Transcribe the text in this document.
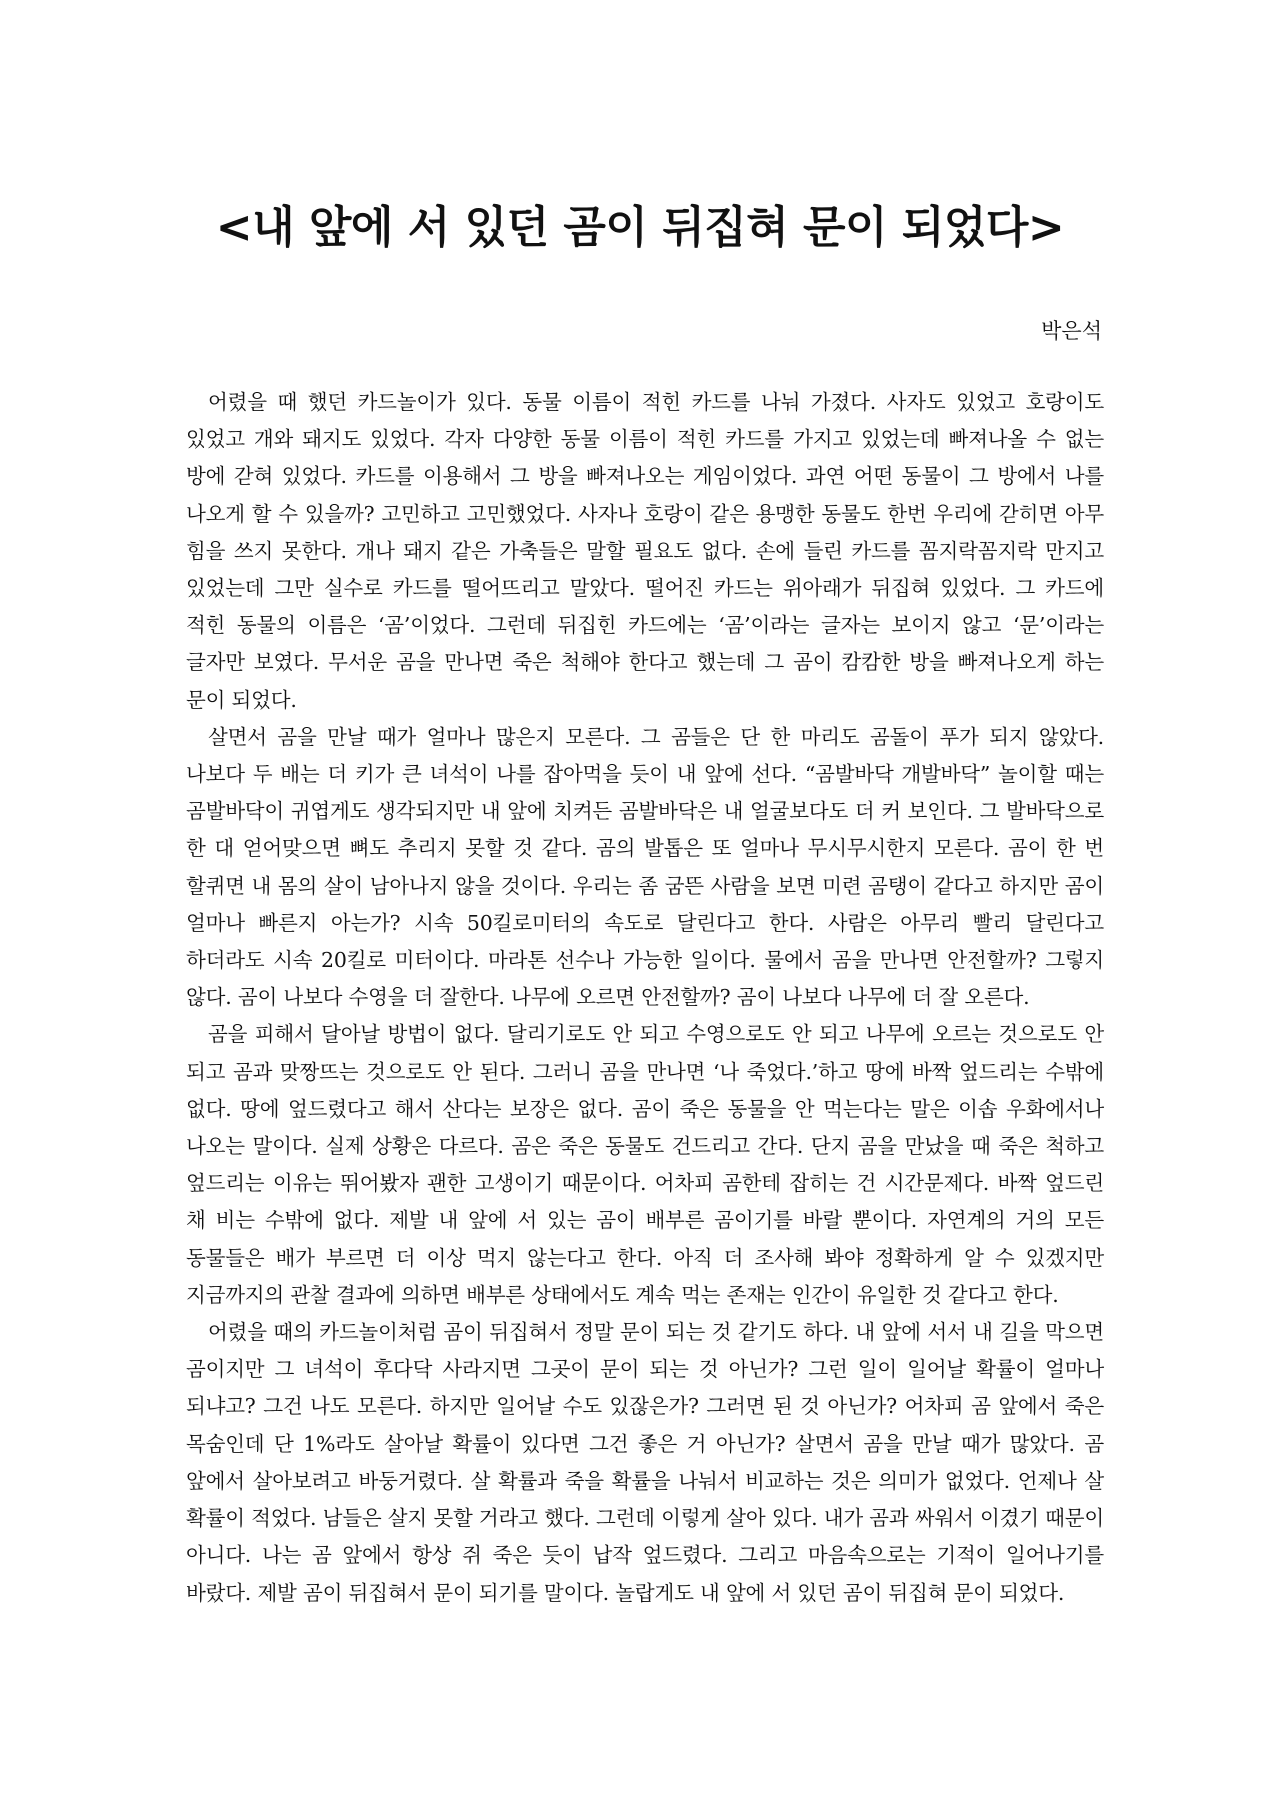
<내 앞에 서 있던 곰이 뒤집혀 문이 되었다>
박은석

어렸을 때 했던 카드놀이가 있다. 동물 이름이 적힌 카드를 나눠 가졌다. 사자도 있었고 호랑이도 있었고 개와 돼지도 있었다. 각자 다양한 동물 이름이 적힌 카드를 가지고 있었는데 빠져나올 수 없는 방에 갇혀 있었다. 카드를 이용해서 그 방을 빠져나오는 게임이었다. 과연 어떤 동물이 그 방에서 나를 나오게 할 수 있을까? 고민하고 고민했었다. 사자나 호랑이 같은 용맹한 동물도 한번 우리에 갇히면 아무 힘을 쓰지 못한다. 개나 돼지 같은 가축들은 말할 필요도 없다. 손에 들린 카드를 꼼지락꼼지락 만지고 있었는데 그만 실수로 카드를 떨어뜨리고 말았다. 떨어진 카드는 위아래가 뒤집혀 있었다. 그 카드에 적힌 동물의 이름은 ‘곰’이었다. 그런데 뒤집힌 카드에는 ‘곰’이라는 글자는 보이지 않고 ‘문’이라는 글자만 보였다. 무서운 곰을 만나면 죽은 척해야 한다고 했는데 그 곰이 캄캄한 방을 빠져나오게 하는 문이 되었다.

살면서 곰을 만날 때가 얼마나 많은지 모른다. 그 곰들은 단 한 마리도 곰돌이 푸가 되지 않았다. 나보다 두 배는 더 키가 큰 녀석이 나를 잡아먹을 듯이 내 앞에 선다. “곰발바닥 개발바닥” 놀이할 때는 곰발바닥이 귀엽게도 생각되지만 내 앞에 치켜든 곰발바닥은 내 얼굴보다도 더 커 보인다. 그 발바닥으로 한 대 얻어맞으면 뼈도 추리지 못할 것 같다. 곰의 발톱은 또 얼마나 무시무시한지 모른다. 곰이 한 번 할퀴면 내 몸의 살이 남아나지 않을 것이다. 우리는 좀 굼뜬 사람을 보면 미련 곰탱이 같다고 하지만 곰이 얼마나 빠른지 아는가? 시속 50킬로미터의 속도로 달린다고 한다. 사람은 아무리 빨리 달린다고 하더라도 시속 20킬로 미터이다. 마라톤 선수나 가능한 일이다. 물에서 곰을 만나면 안전할까? 그렇지 않다. 곰이 나보다 수영을 더 잘한다. 나무에 오르면 안전할까? 곰이 나보다 나무에 더 잘 오른다.

곰을 피해서 달아날 방법이 없다. 달리기로도 안 되고 수영으로도 안 되고 나무에 오르는 것으로도 안 되고 곰과 맞짱뜨는 것으로도 안 된다. 그러니 곰을 만나면 ‘나 죽었다.’하고 땅에 바짝 엎드리는 수밖에 없다. 땅에 엎드렸다고 해서 산다는 보장은 없다. 곰이 죽은 동물을 안 먹는다는 말은 이솝 우화에서나 나오는 말이다. 실제 상황은 다르다. 곰은 죽은 동물도 건드리고 간다. 단지 곰을 만났을 때 죽은 척하고 엎드리는 이유는 뛰어봤자 괜한 고생이기 때문이다. 어차피 곰한테 잡히는 건 시간문제다. 바짝 엎드린 채 비는 수밖에 없다. 제발 내 앞에 서 있는 곰이 배부른 곰이기를 바랄 뿐이다. 자연계의 거의 모든 동물들은 배가 부르면 더 이상 먹지 않는다고 한다. 아직 더 조사해 봐야 정확하게 알 수 있겠지만 지금까지의 관찰 결과에 의하면 배부른 상태에서도 계속 먹는 존재는 인간이 유일한 것 같다고 한다.

어렸을 때의 카드놀이처럼 곰이 뒤집혀서 정말 문이 되는 것 같기도 하다. 내 앞에 서서 내 길을 막으면 곰이지만 그 녀석이 후다닥 사라지면 그곳이 문이 되는 것 아닌가? 그런 일이 일어날 확률이 얼마나 되냐고? 그건 나도 모른다. 하지만 일어날 수도 있잖은가? 그러면 된 것 아닌가? 어차피 곰 앞에서 죽은 목숨인데 단 1%라도 살아날 확률이 있다면 그건 좋은 거 아닌가? 살면서 곰을 만날 때가 많았다. 곰 앞에서 살아보려고 바둥거렸다. 살 확률과 죽을 확률을 나눠서 비교하는 것은 의미가 없었다. 언제나 살 확률이 적었다. 남들은 살지 못할 거라고 했다. 그런데 이렇게 살아 있다. 내가 곰과 싸워서 이겼기 때문이 아니다. 나는 곰 앞에서 항상 쥐 죽은 듯이 납작 엎드렸다. 그리고 마음속으로는 기적이 일어나기를 바랐다. 제발 곰이 뒤집혀서 문이 되기를 말이다. 놀랍게도 내 앞에 서 있던 곰이 뒤집혀 문이 되었다.
